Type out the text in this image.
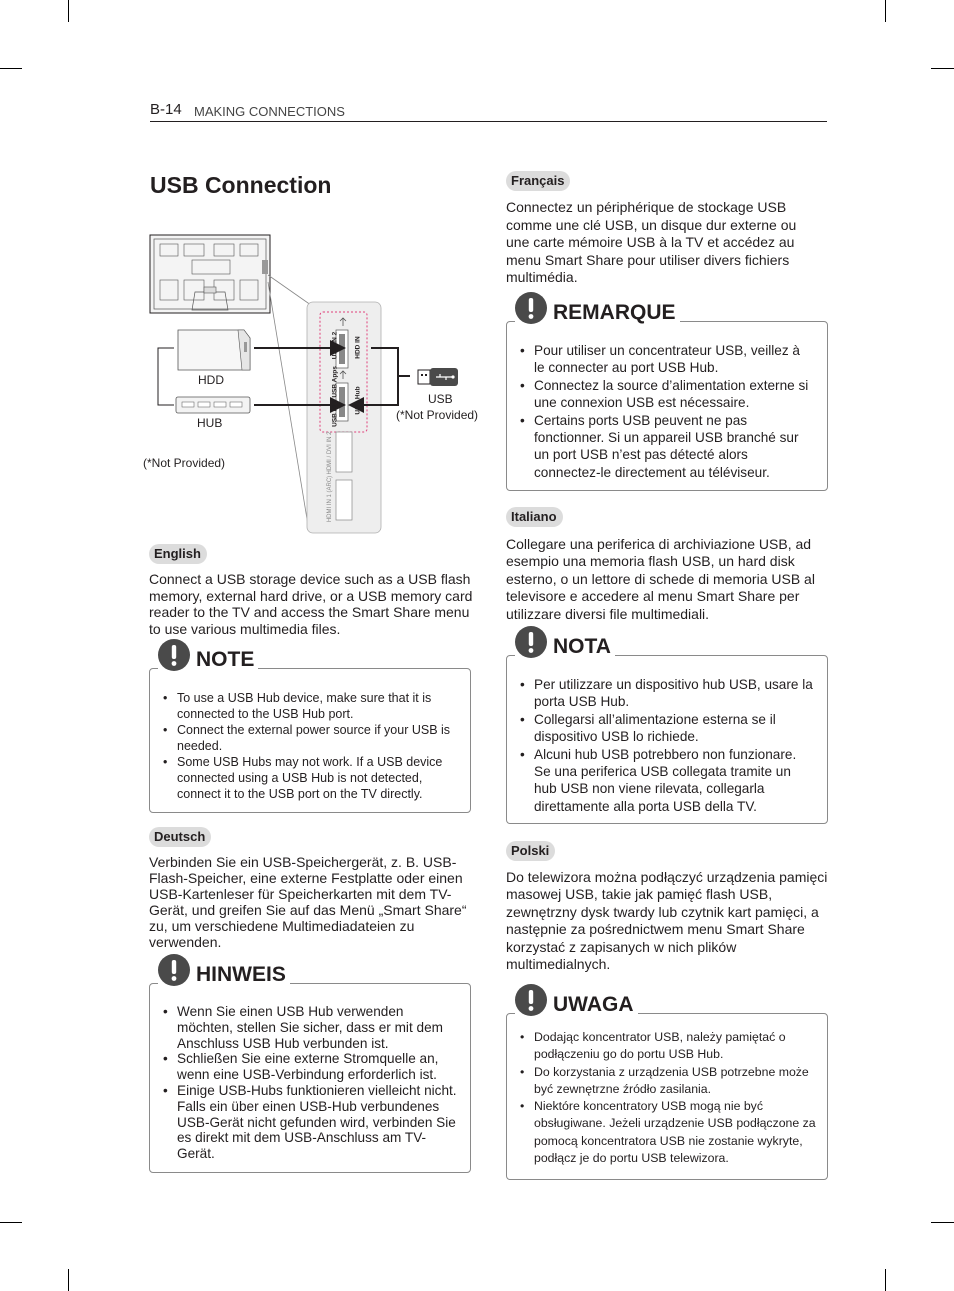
B-14 MAKING CONNECTIONS
USB Connection
HDD
HUB
(*Not Provided)
USB
(*Not Provided)
USB IN 2 HDD IN
USB IN 1 USB Apps USB Hub
HDMI / DVI IN 2
HDMI IN 1 (ARC)
English
Connect a USB storage device such as a USB flash memory, external hard drive, or a USB memory card reader to the TV and access the Smart Share menu to use various multimedia files.
NOTE
• To use a USB Hub device, make sure that it is connected to the USB Hub port.
• Connect the external power source if your USB is needed.
• Some USB Hubs may not work. If a USB device connected using a USB Hub is not detected, connect it to the USB port on the TV directly.
Deutsch
Verbinden Sie ein USB-Speichergerät, z. B. USB-Flash-Speicher, eine externe Festplatte oder einen USB-Kartenleser für Speicherkarten mit dem TV-Gerät, und greifen Sie auf das Menü „Smart Share“ zu, um verschiedene Multimediadateien zu verwenden.
HINWEIS
• Wenn Sie einen USB Hub verwenden möchten, stellen Sie sicher, dass er mit dem Anschluss USB Hub verbunden ist.
• Schließen Sie eine externe Stromquelle an, wenn eine USB-Verbindung erforderlich ist.
• Einige USB-Hubs funktionieren vielleicht nicht. Falls ein über einen USB-Hub verbundenes USB-Gerät nicht gefunden wird, verbinden Sie es direkt mit dem USB-Anschluss am TV-Gerät.
Français
Connectez un périphérique de stockage USB comme une clé USB, un disque dur externe ou une carte mémoire USB à la TV et accédez au menu Smart Share pour utiliser divers fichiers multimédia.
REMARQUE
• Pour utiliser un concentrateur USB, veillez à le connecter au port USB Hub.
• Connectez la source d’alimentation externe si une connexion USB est nécessaire.
• Certains ports USB peuvent ne pas fonctionner. Si un appareil USB branché sur un port USB n’est pas détecté alors connectez-le directement au téléviseur.
Italiano
Collegare una periferica di archiviazione USB, ad esempio una memoria flash USB, un hard disk esterno, o un lettore di schede di memoria USB al televisore e accedere al menu Smart Share per utilizzare diversi file multimediali.
NOTA
• Per utilizzare un dispositivo hub USB, usare la porta USB Hub.
• Collegarsi all’alimentazione esterna se il dispositivo USB lo richiede.
• Alcuni hub USB potrebbero non funzionare. Se una periferica USB collegata tramite un hub USB non viene rilevata, collegarla direttamente alla porta USB della TV.
Polski
Do telewizora można podłączyć urządzenia pamięci masowej USB, takie jak pamięć flash USB, zewnętrzny dysk twardy lub czytnik kart pamięci, a następnie za pośrednictwem menu Smart Share korzystać z zapisanych w nich plików multimedialnych.
UWAGA
• Dodając koncentrator USB, należy pamiętać o podłączeniu go do portu USB Hub.
• Do korzystania z urządzenia USB potrzebne może być zewnętrzne źródło zasilania.
• Niektóre koncentratory USB mogą nie być obsługiwane. Jeżeli urządzenie USB podłączone za pomocą koncentratora USB nie zostanie wykryte, podłącz je do portu USB telewizora.
